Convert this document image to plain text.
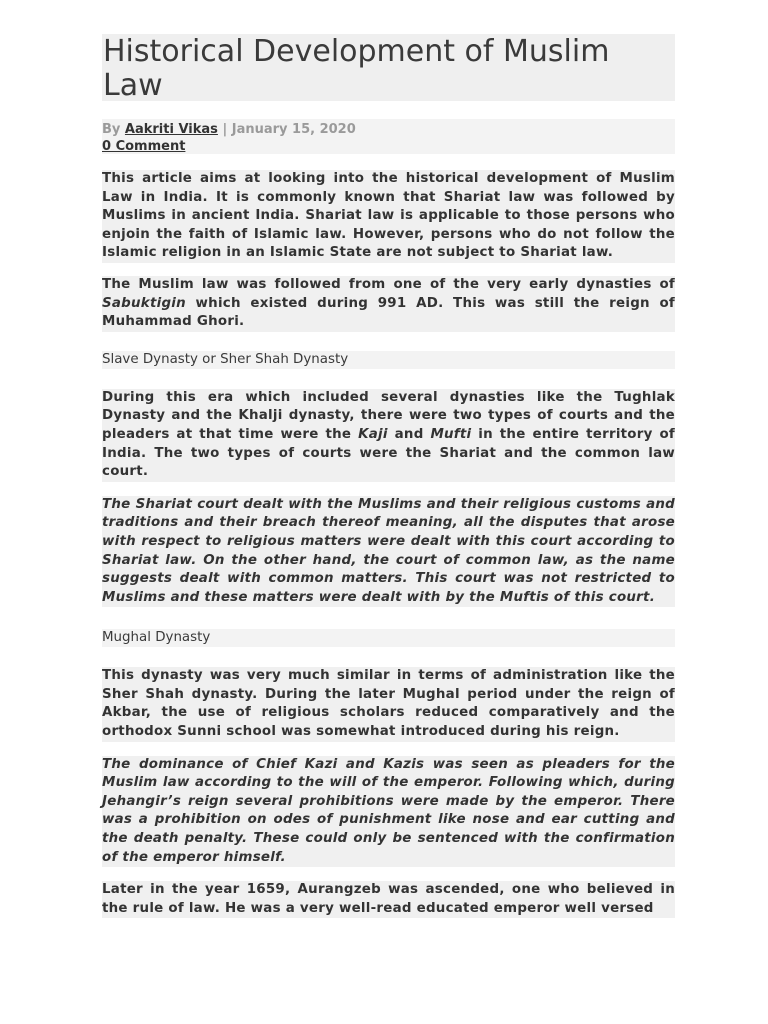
Historical Development of Muslim Law
By Aakriti Vikas | January 15, 2020
0 Comment

This article aims at looking into the historical development of Muslim Law in India. It is commonly known that Shariat law was followed by Muslims in ancient India. Shariat law is applicable to those persons who enjoin the faith of Islamic law. However, persons who do not follow the Islamic religion in an Islamic State are not subject to Shariat law.

The Muslim law was followed from one of the very early dynasties of Sabuktigin which existed during 991 AD. This was still the reign of Muhammad Ghori.

Slave Dynasty or Sher Shah Dynasty

During this era which included several dynasties like the Tughlak Dynasty and the Khalji dynasty, there were two types of courts and the pleaders at that time were the Kaji and Mufti in the entire territory of India. The two types of courts were the Shariat and the common law court.

The Shariat court dealt with the Muslims and their religious customs and traditions and their breach thereof meaning, all the disputes that arose with respect to religious matters were dealt with this court according to Shariat law. On the other hand, the court of common law, as the name suggests dealt with common matters. This court was not restricted to Muslims and these matters were dealt with by the Muftis of this court.

Mughal Dynasty

This dynasty was very much similar in terms of administration like the Sher Shah dynasty. During the later Mughal period under the reign of Akbar, the use of religious scholars reduced comparatively and the orthodox Sunni school was somewhat introduced during his reign.

The dominance of Chief Kazi and Kazis was seen as pleaders for the Muslim law according to the will of the emperor. Following which, during Jehangir’s reign several prohibitions were made by the emperor. There was a prohibition on odes of punishment like nose and ear cutting and the death penalty. These could only be sentenced with the confirmation of the emperor himself.

Later in the year 1659, Aurangzeb was ascended, one who believed in the rule of law. He was a very well-read educated emperor well versed
